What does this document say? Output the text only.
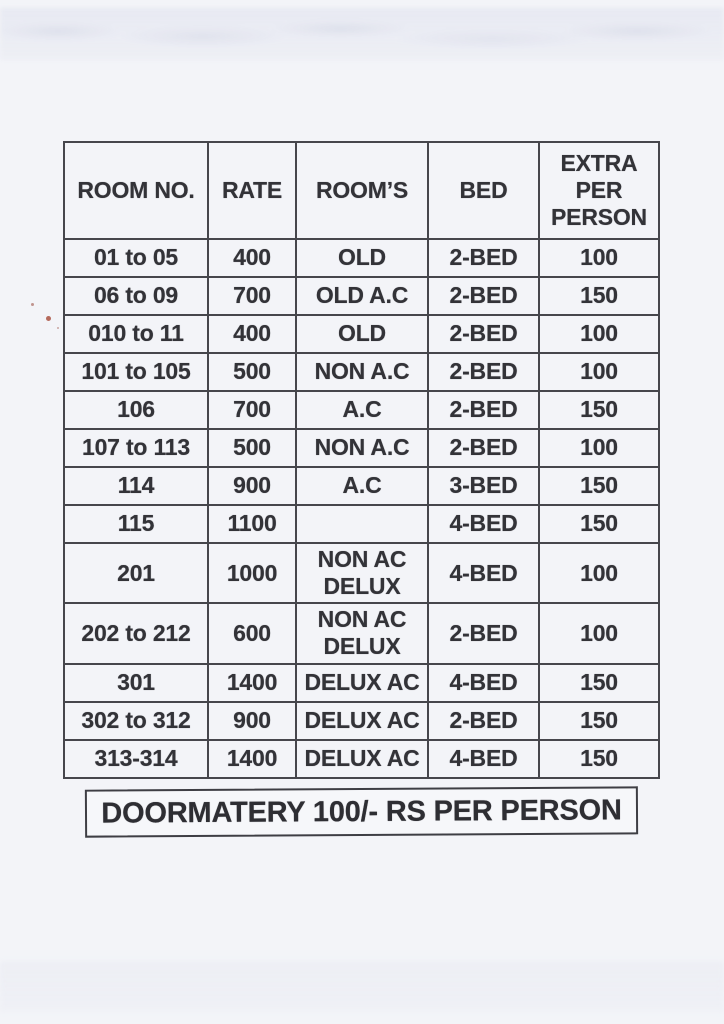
ROOM NO.	RATE	ROOM’S	BED	EXTRA PER PERSON
01 to 05	400	OLD	2-BED	100
06 to 09	700	OLD A.C	2-BED	150
010 to 11	400	OLD	2-BED	100
101 to 105	500	NON A.C	2-BED	100
106	700	A.C	2-BED	150
107 to 113	500	NON A.C	2-BED	100
114	900	A.C	3-BED	150
115	1100		4-BED	150
201	1000	NON AC DELUX	4-BED	100
202 to 212	600	NON AC DELUX	2-BED	100
301	1400	DELUX AC	4-BED	150
302 to 312	900	DELUX AC	2-BED	150
313-314	1400	DELUX AC	4-BED	150
DOORMATERY 100/- RS PER PERSON
